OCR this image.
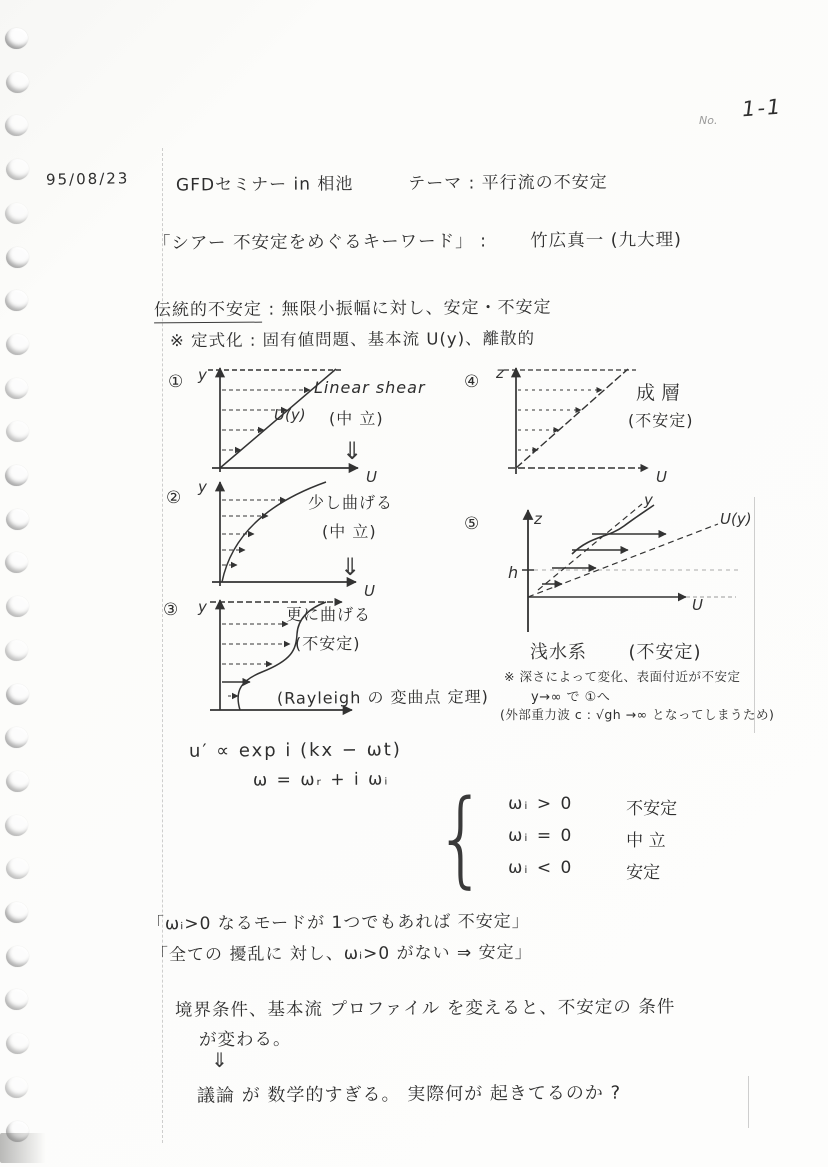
No. 1-1
95/08/23	GFDセミナー in 相池	テーマ : 平行流の不安定
「シアー 不安定をめぐるキーワード」 : 竹広真一 (九大理)
伝統的不安定 : 無限小振幅に対し、安定・不安定
※ 定式化 : 固有値問題、基本流 U(y)、離散的
① y
U(y)
U
Linear shear
(中 立)
⇓
②
y
U
少し曲げる
(中 立)
⇓
③ y	更に曲げる
(不安定)
(Rayleigh の 変曲点 定理)
④ z
U
成層
(不安定)
⑤	z
h
y
U(y)
U
浅水系 (不安定)
※ 深さによって変化、表面付近が不安定
y→∞ で ①へ
(外部重力波 c : √gh →∞ となってしまうため)
u′ ∝ exp i (kx − ωt)
ω = ωᵣ + i ωᵢ { ωᵢ > 0	不安定
ωᵢ = 0	中 立
ωᵢ < 0	安定
「ωᵢ>0 なるモードが 1つでもあれば 不安定」
「全ての 擾乱に 対し、ωᵢ>0 がない ⇒ 安定」
境界条件、基本流 プロファイル を変えると、不安定の 条件
が変わる。
⇓
議論 が 数学的すぎる。 実際何が 起きてるのか ?
